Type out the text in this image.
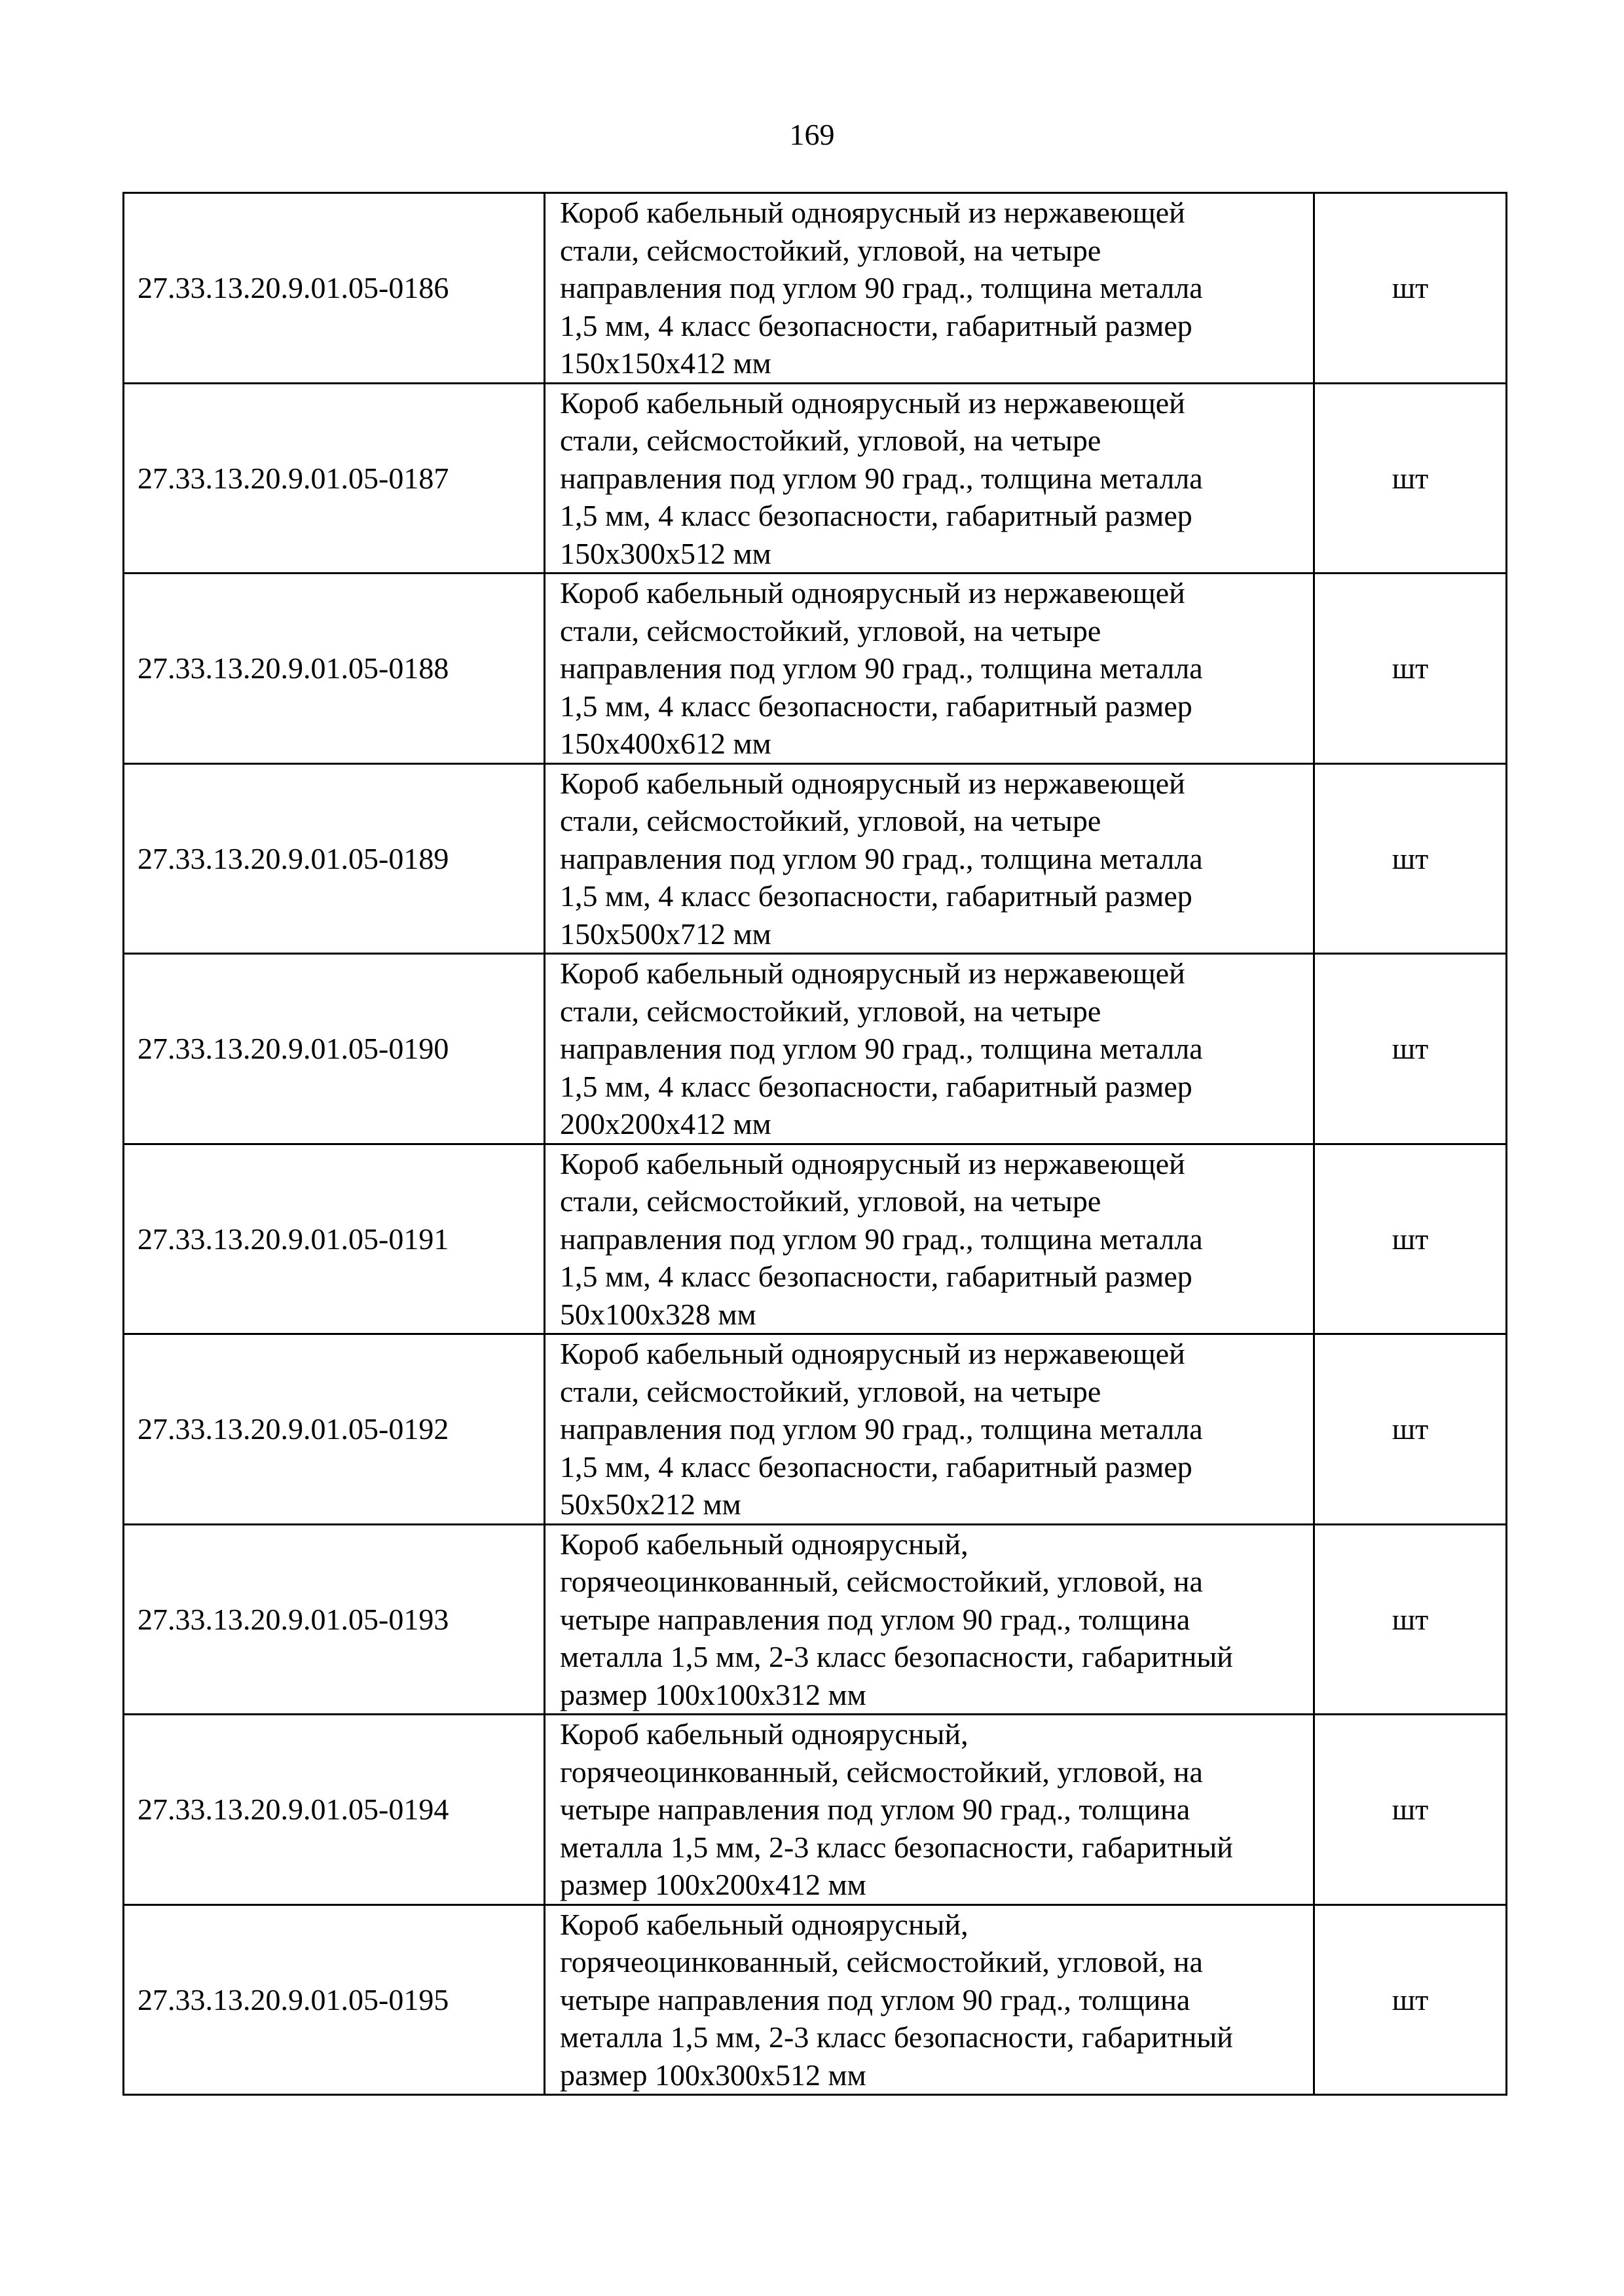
169
27.33.13.20.9.01.05-0186	Короб кабельный одноярусный из нержавеющей
стали, сейсмостойкий, угловой, на четыре
направления под углом 90 град., толщина металла
1,5 мм, 4 класс безопасности, габаритный размер
150х150х412 мм	шт
27.33.13.20.9.01.05-0187	Короб кабельный одноярусный из нержавеющей
стали, сейсмостойкий, угловой, на четыре
направления под углом 90 град., толщина металла
1,5 мм, 4 класс безопасности, габаритный размер
150х300х512 мм	шт
27.33.13.20.9.01.05-0188	Короб кабельный одноярусный из нержавеющей
стали, сейсмостойкий, угловой, на четыре
направления под углом 90 град., толщина металла
1,5 мм, 4 класс безопасности, габаритный размер
150х400х612 мм	шт
27.33.13.20.9.01.05-0189	Короб кабельный одноярусный из нержавеющей
стали, сейсмостойкий, угловой, на четыре
направления под углом 90 град., толщина металла
1,5 мм, 4 класс безопасности, габаритный размер
150х500х712 мм	шт
27.33.13.20.9.01.05-0190	Короб кабельный одноярусный из нержавеющей
стали, сейсмостойкий, угловой, на четыре
направления под углом 90 град., толщина металла
1,5 мм, 4 класс безопасности, габаритный размер
200х200х412 мм	шт
27.33.13.20.9.01.05-0191	Короб кабельный одноярусный из нержавеющей
стали, сейсмостойкий, угловой, на четыре
направления под углом 90 град., толщина металла
1,5 мм, 4 класс безопасности, габаритный размер
50х100х328 мм	шт
27.33.13.20.9.01.05-0192	Короб кабельный одноярусный из нержавеющей
стали, сейсмостойкий, угловой, на четыре
направления под углом 90 град., толщина металла
1,5 мм, 4 класс безопасности, габаритный размер
50х50х212 мм	шт
27.33.13.20.9.01.05-0193	Короб кабельный одноярусный,
горячеоцинкованный, сейсмостойкий, угловой, на
четыре направления под углом 90 град., толщина
металла 1,5 мм, 2-3 класс безопасности, габаритный
размер 100х100х312 мм	шт
27.33.13.20.9.01.05-0194	Короб кабельный одноярусный,
горячеоцинкованный, сейсмостойкий, угловой, на
четыре направления под углом 90 град., толщина
металла 1,5 мм, 2-3 класс безопасности, габаритный
размер 100х200х412 мм	шт
27.33.13.20.9.01.05-0195	Короб кабельный одноярусный,
горячеоцинкованный, сейсмостойкий, угловой, на
четыре направления под углом 90 град., толщина
металла 1,5 мм, 2-3 класс безопасности, габаритный
размер 100х300х512 мм	шт
